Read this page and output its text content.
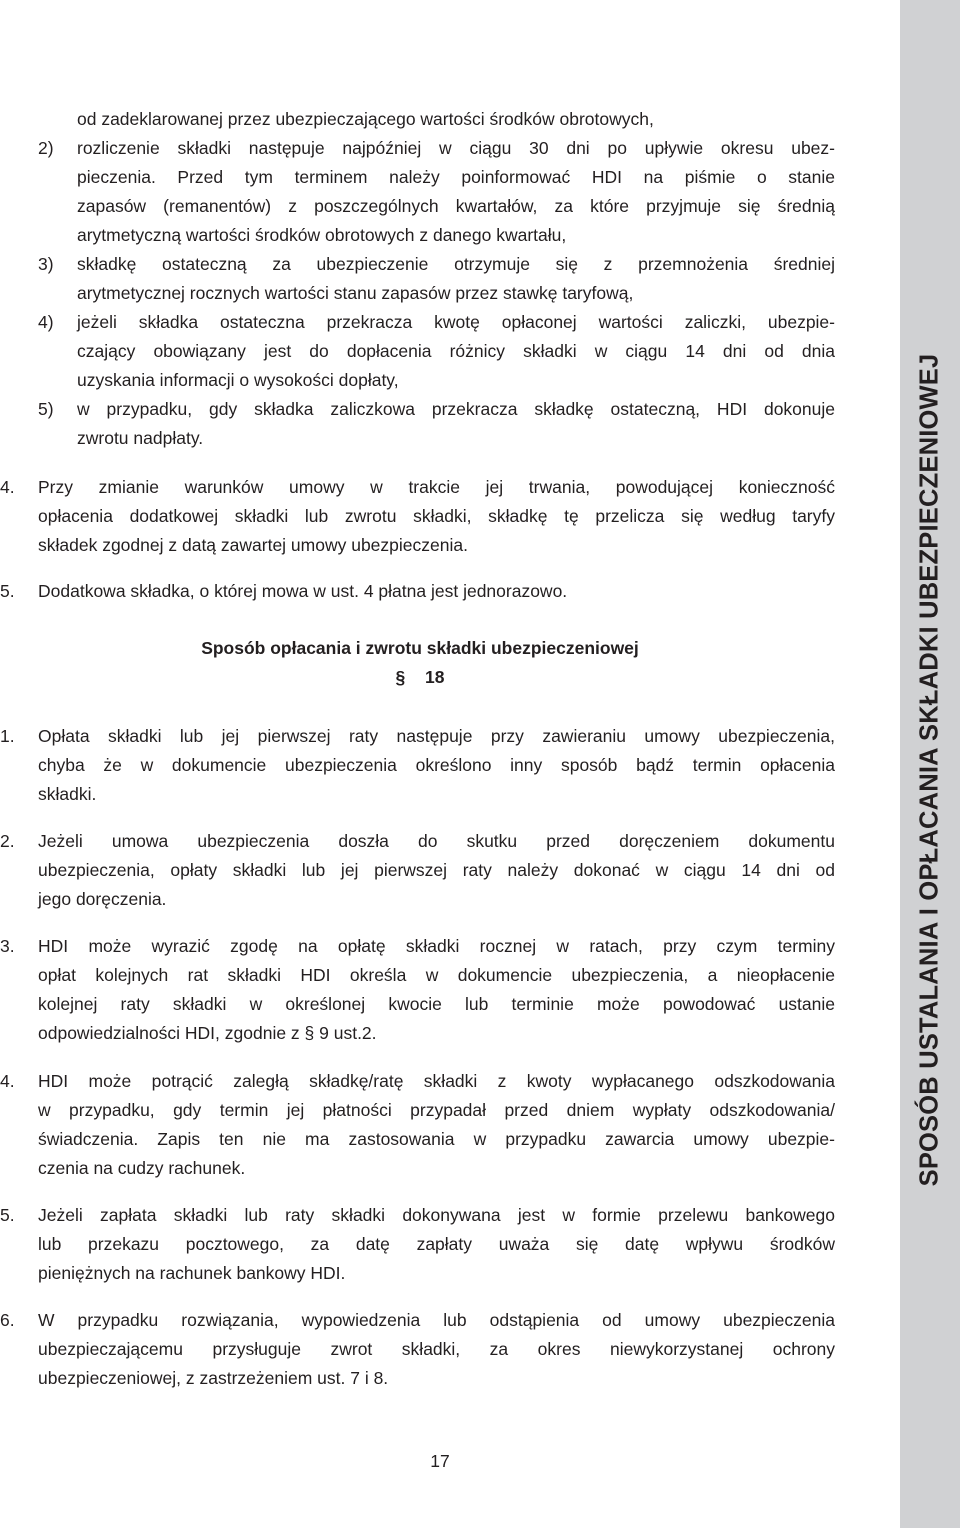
od zadeklarowanej przez ubezpieczającego wartości środków obrotowych,
2) rozliczenie składki następuje najpóźniej w ciągu 30 dni po upływie okresu ubez-
pieczenia. Przed tym terminem należy poinformować HDI na piśmie o stanie
zapasów (remanentów) z poszczególnych kwartałów, za które przyjmuje się średnią
arytmetyczną wartości środków obrotowych z danego kwartału,
3) składkę ostateczną za ubezpieczenie otrzymuje się z przemnożenia średniej
arytmetycznej rocznych wartości stanu zapasów przez stawkę taryfową,
4) jeżeli składka ostateczna przekracza kwotę opłaconej wartości zaliczki, ubezpie-
czający obowiązany jest do dopłacenia różnicy składki w ciągu 14 dni od dnia
uzyskania informacji o wysokości dopłaty,
5) w przypadku, gdy składka zaliczkowa przekracza składkę ostateczną, HDI dokonuje
zwrotu nadpłaty.
4. Przy zmianie warunków umowy w trakcie jej trwania, powodującej konieczność
opłacenia dodatkowej składki lub zwrotu składki, składkę tę przelicza się według taryfy
składek zgodnej z datą zawartej umowy ubezpieczenia.
5. Dodatkowa składka, o której mowa w ust. 4 płatna jest jednorazowo.
Sposób opłacania i zwrotu składki ubezpieczeniowej
§ 18
1. Opłata składki lub jej pierwszej raty następuje przy zawieraniu umowy ubezpieczenia,
chyba że w dokumencie ubezpieczenia określono inny sposób bądź termin opłacenia
składki.
2. Jeżeli umowa ubezpieczenia doszła do skutku przed doręczeniem dokumentu
ubezpieczenia, opłaty składki lub jej pierwszej raty należy dokonać w ciągu 14 dni od
jego doręczenia.
3. HDI może wyrazić zgodę na opłatę składki rocznej w ratach, przy czym terminy
opłat kolejnych rat składki HDI określa w dokumencie ubezpieczenia, a nieopłacenie
kolejnej raty składki w określonej kwocie lub terminie może powodować ustanie
odpowiedzialności HDI, zgodnie z § 9 ust.2.
4. HDI może potrącić zaległą składkę/ratę składki z kwoty wypłacanego odszkodowania
w przypadku, gdy termin jej płatności przypadał przed dniem wypłaty odszkodowania/
świadczenia. Zapis ten nie ma zastosowania w przypadku zawarcia umowy ubezpie-
czenia na cudzy rachunek.
5. Jeżeli zapłata składki lub raty składki dokonywana jest w formie przelewu bankowego
lub przekazu pocztowego, za datę zapłaty uważa się datę wpływu środków
pieniężnych na rachunek bankowy HDI.
6. W przypadku rozwiązania, wypowiedzenia lub odstąpienia od umowy ubezpieczenia
ubezpieczającemu przysługuje zwrot składki, za okres niewykorzystanej ochrony
ubezpieczeniowej, z zastrzeżeniem ust. 7 i 8.
17
SPOSÓB USTALANIA I OPŁACANIA SKŁADKI UBEZPIECZENIOWEJ
